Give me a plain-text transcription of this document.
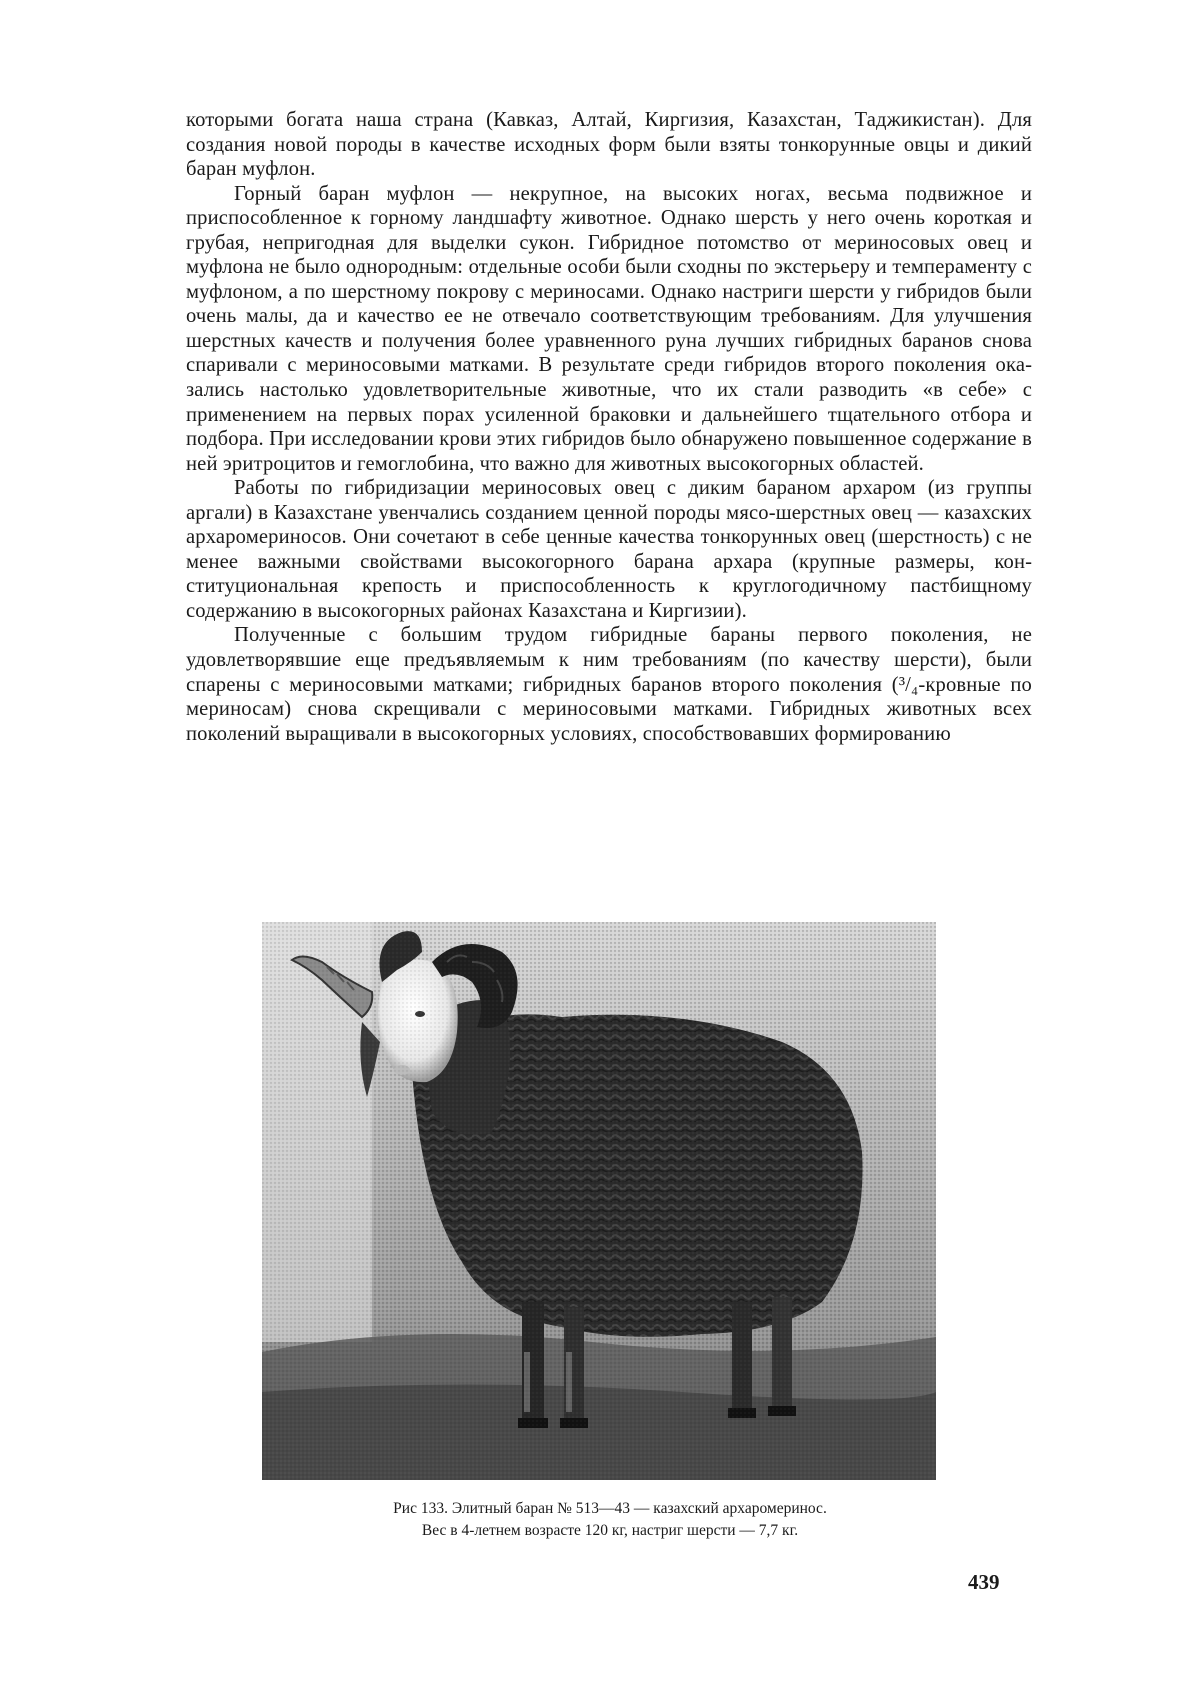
которыми богата наша страна (Кавказ, Алтай, Киргизия, Казахстан, Таджикистан). Для создания новой породы в качестве исходных форм были взяты тонкорунные овцы и дикий баран муфлон.

Горный баран муфлон — некрупное, на высоких ногах, весьма подвижное и приспособленное к горному ландшафту животное. Однако шерсть у него очень короткая и грубая, непригодная для выделки сукон. Гибридное потомство от мериносовых овец и муфлона не было однородным: отдельные особи были сходны по экстерьеру и темпераменту с муфлоном, а по шерстному покрову с мериносами. Однако настриги шерсти у гибридов были очень малы, да и качество ее не отвечало соответствующим требованиям. Для улучшения шерстных качеств и получения более уравненного руна лучших гибридных баранов снова спаривали с мериносовыми матками. В результате среди гибридов второго поколения оказались настолько удовлетворительные животные, что их стали разводить «в себе» с применением на первых порах усиленной браковки и дальнейшего тщательного отбора и подбора. При исследовании крови этих гибридов было обнаружено повышенное содержание в ней эритроцитов и гемоглобина, что важно для животных высокогорных областей.

Работы по гибридизации мериносовых овец с диким бараном архаром (из группы аргали) в Казахстане увенчались созданием ценной породы мясо-шерстных овец — казахских архаромериносов. Они сочетают в себе ценные качества тонкорунных овец (шерстность) с не менее важными свойствами высокогорного барана архара (крупные размеры, конституциональная крепость и приспособленность к круглогодичному пастбищному содержанию в высокогорных районах Казахстана и Киргизии).

Полученные с большим трудом гибридные бараны первого поколения, не удовлетворявшие еще предъявляемым к ним требованиям (по качеству шерсти), были спарены с мериносовыми матками; гибридных баранов второго поколения (³/₄-кровные по мериносам) снова скрещивали с мериносовыми матками. Гибридных животных всех поколений выращивали в высокогорных условиях, способствовавших формированию

Рис 133. Элитный баран № 513—43 — казахский архаромеринос.
Вес в 4-летнем возрасте 120 кг, настриг шерсти — 7,7 кг.
439
